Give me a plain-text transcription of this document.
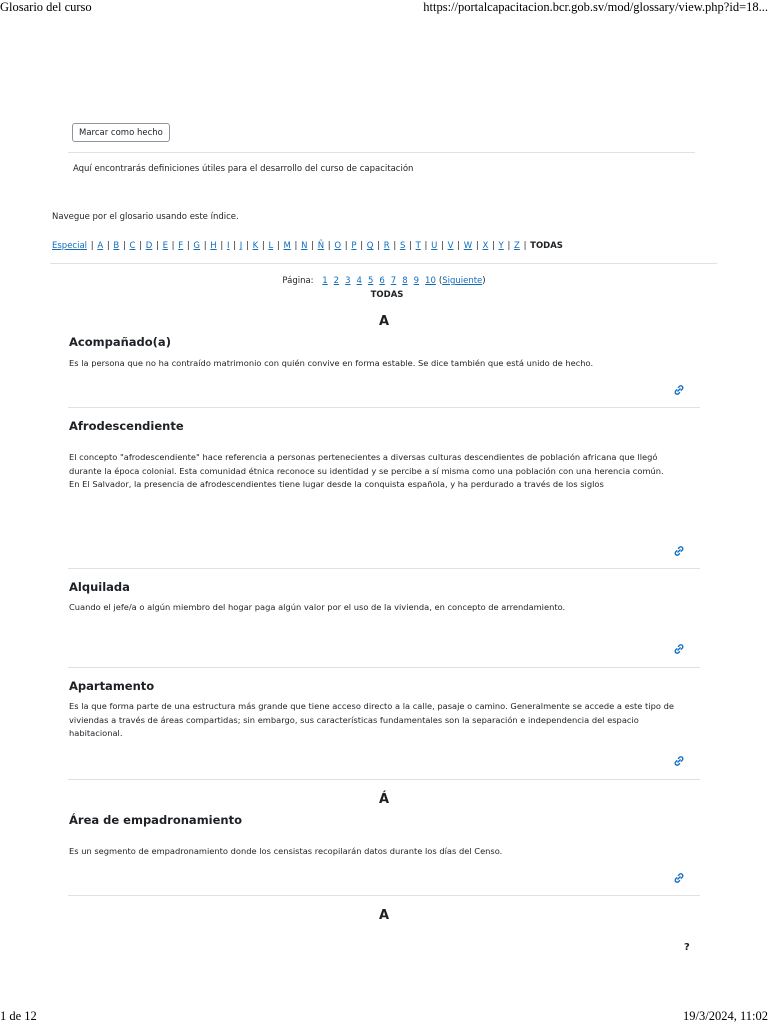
Glosario del curso	https://portalcapacitacion.bcr.gob.sv/mod/glossary/view.php?id=18...
Marcar como hecho
Aquí encontrarás definiciones útiles para el desarrollo del curso de capacitación
Navegue por el glosario usando este índice.
Especial | A | B | C | D | E | F | G | H | I | J | K | L | M | N | Ñ | O | P | Q | R | S | T | U | V | W | X | Y | Z | TODAS
Página: 1 2 3 4 5 6 7 8 9 10 (Siguiente)
TODAS
A
Acompañado(a)
Es la persona que no ha contraído matrimonio con quién convive en forma estable. Se dice también que está unido de hecho.
Afrodescendiente
El concepto "afrodescendiente" hace referencia a personas pertenecientes a diversas culturas descendientes de población africana que llegó
durante la época colonial. Esta comunidad étnica reconoce su identidad y se percibe a sí misma como una población con una herencia común.
En El Salvador, la presencia de afrodescendientes tiene lugar desde la conquista española, y ha perdurado a través de los siglos
Alquilada
Cuando el jefe/a o algún miembro del hogar paga algún valor por el uso de la vivienda, en concepto de arrendamiento.
Apartamento
Es la que forma parte de una estructura más grande que tiene acceso directo a la calle, pasaje o camino. Generalmente se accede a este tipo de
viviendas a través de áreas compartidas; sin embargo, sus características fundamentales son la separación e independencia del espacio
habitacional.
Á
Área de empadronamiento
Es un segmento de empadronamiento donde los censistas recopilarán datos durante los días del Censo.
A
?
1 de 12	19/3/2024, 11:02
